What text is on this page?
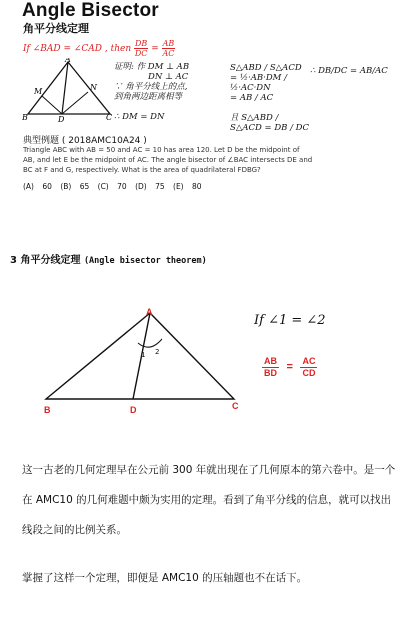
Angle Bisector
角平分线定理
If ∠BAD = ∠CAD , then $\frac{DB}{DC} = \frac{AB}{AC}$
A
B	C
D
M	N
证明: 作 DM ⊥ AB
DN ⊥ AC
∵ 角平分线上的点,
到角两边距离相等
∴ DM = DN
S△ABD / S△ACD
= ½·AB·DM / ½·AC·DN
= AB / AC
且 S△ABD / S△ACD = DB / DC
∴ DB/DC = AB/AC
典型例题 ( 2018AMC10A24 )
Triangle ABC with AB = 50 and AC = 10 has area 120. Let D be the midpoint of AB, and let E be the midpoint of AC. The angle bisector of ∠BAC intersects DE and BC at F and G, respectively. What is the area of quadrilateral FDBG?
(A) 60 (B) 65 (C) 70 (D) 75 (E) 80
3 角平分线定理 (Angle bisector theorem)
A
B	C
D
1 2
If ∠1 = ∠2
$\frac{AB}{BD} = \frac{AC}{CD}$
这一古老的几何定理早在公元前 300 年就出现在了几何原本的第六卷中。是一个在 AMC10 的几何难题中颇为实用的定理。看到了角平分线的信息，就可以找出线段之间的比例关系。
掌握了这样一个定理，即便是 AMC10 的压轴题也不在话下。
